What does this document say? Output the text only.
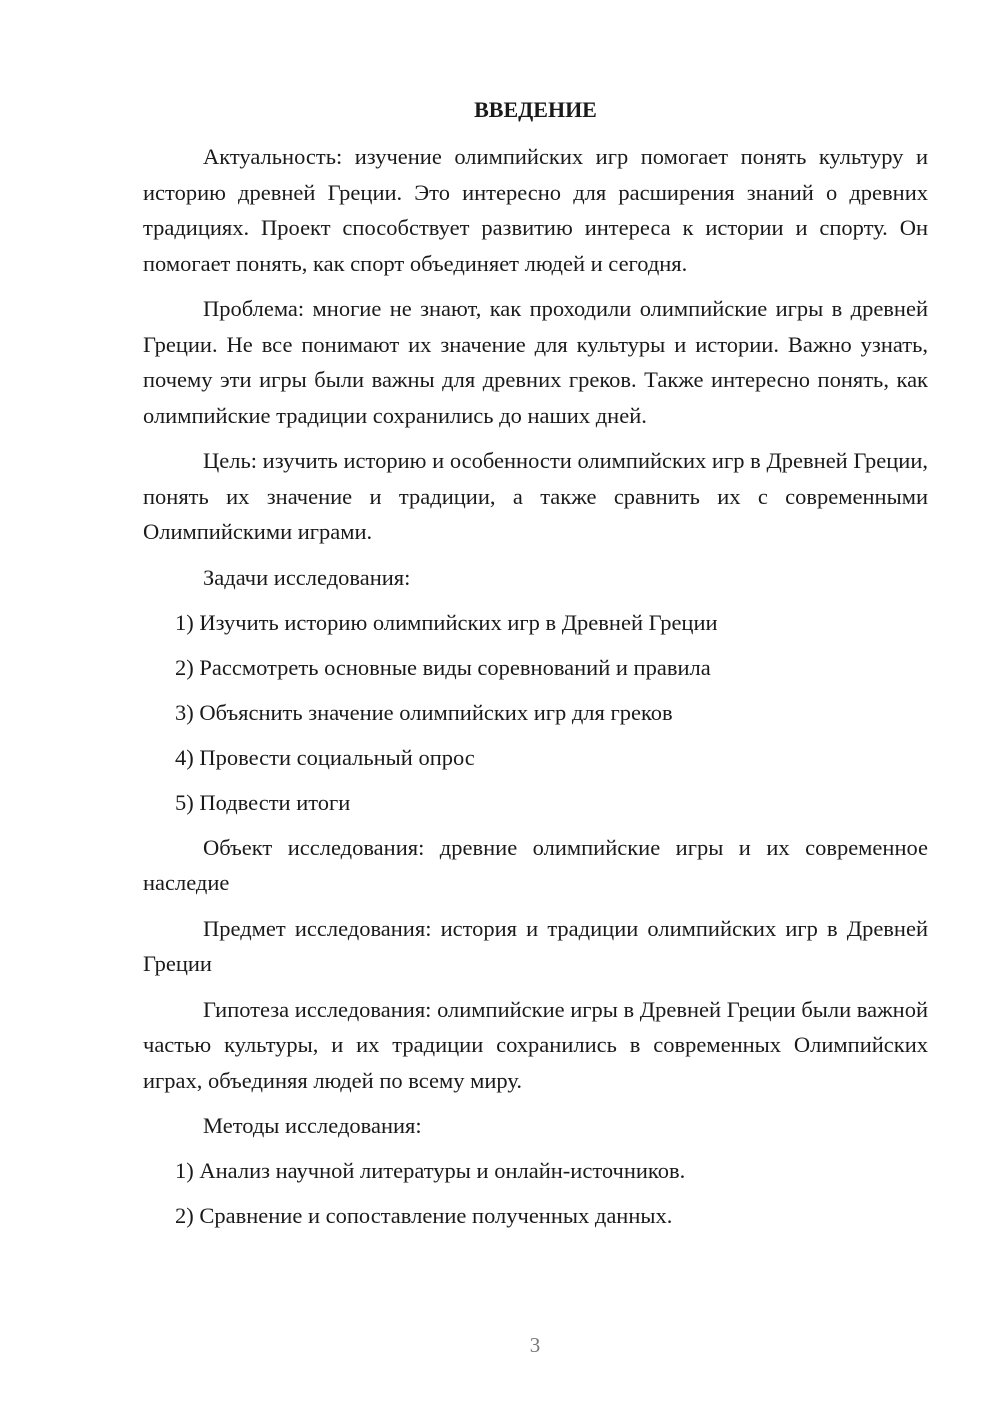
ВВЕДЕНИЕ

Актуальность: изучение олимпийских игр помогает понять культуру и историю древней Греции. Это интересно для расширения знаний о древних традициях. Проект способствует развитию интереса к истории и спорту. Он помогает понять, как спорт объединяет людей и сегодня.

Проблема: многие не знают, как проходили олимпийские игры в древней Греции. Не все понимают их значение для культуры и истории. Важно узнать, почему эти игры были важны для древних греков. Также интересно понять, как олимпийские традиции сохранились до наших дней.

Цель: изучить историю и особенности олимпийских игр в Древней Греции, понять их значение и традиции, а также сравнить их с современными Олимпийскими играми.

Задачи исследования:

1) Изучить историю олимпийских игр в Древней Греции
2) Рассмотреть основные виды соревнований и правила
3) Объяснить значение олимпийских игр для греков
4) Провести социальный опрос
5) Подвести итоги

Объект исследования: древние олимпийские игры и их современное наследие

Предмет исследования: история и традиции олимпийских игр в Древней Греции

Гипотеза исследования: олимпийские игры в Древней Греции были важной частью культуры, и их традиции сохранились в современных Олимпийских играх, объединяя людей по всему миру.

Методы исследования:

1) Анализ научной литературы и онлайн-источников.
2) Сравнение и сопоставление полученных данных.
3
